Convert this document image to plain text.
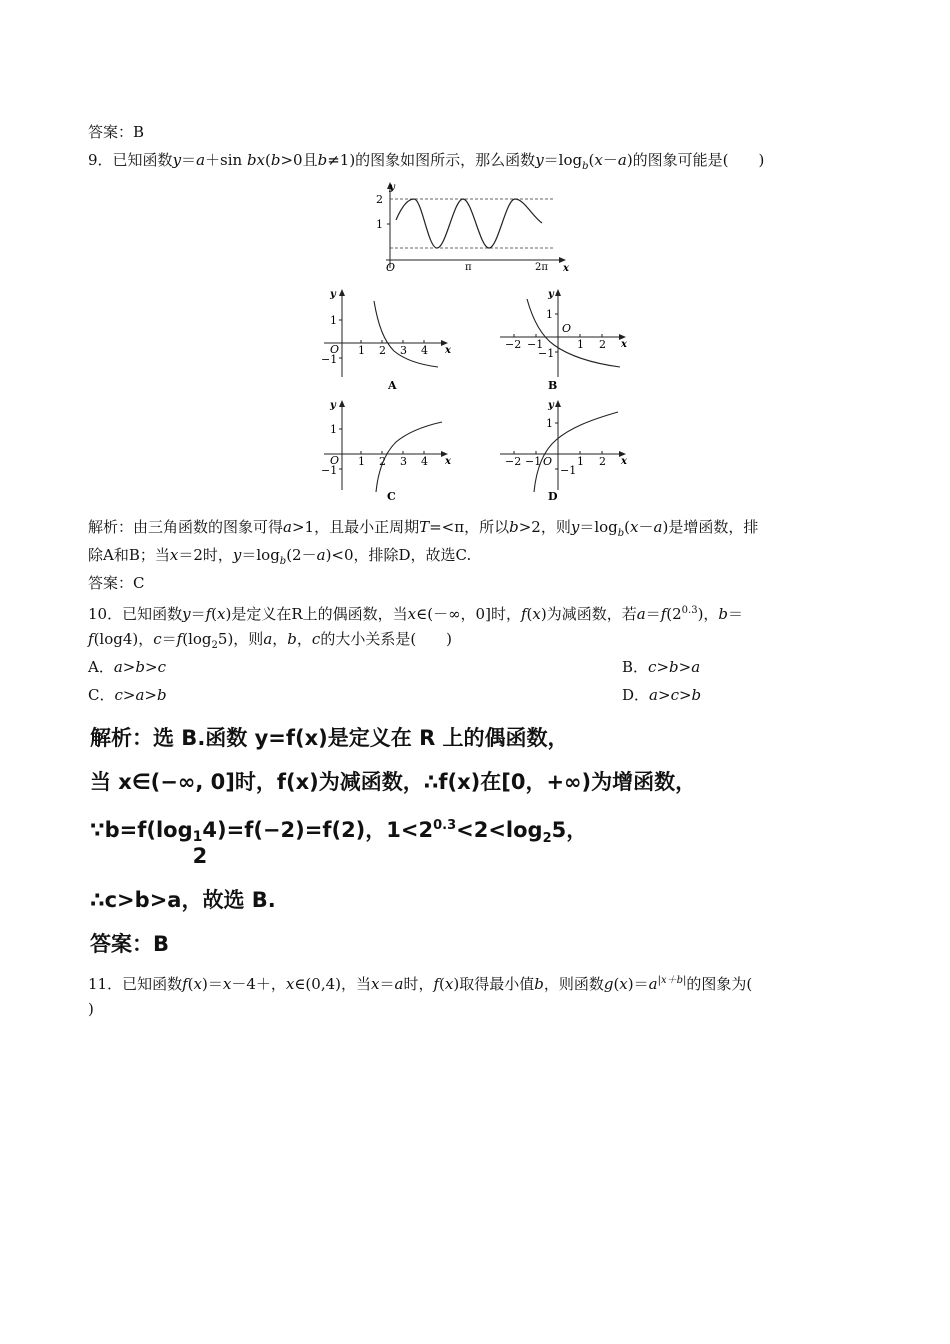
答案：B
9．已知函数y＝a＋sin bx(b>0且b≠1)的图象如图所示，那么函数$y=\log_b(x-a)$的图象可能是(　　)
y
x
O
2
1
π	2π
y
x
O
1
−1
1 2 3 4
A
y
x
O
1
−1
−2 −1	1 2
B
y
x
O
1
−1
1 2 3 4
C
y
x
O
1
−1
−2 −1	1 2
D
解析：由三角函数的图象可得a>1，且最小正周期T=<π，所以b>2，则$y=\log_b(x-a)$是增函数，排
除A和B；当x＝2时，$y=\log_b(2-a)<0$，排除D，故选C.
答案：C
10．已知函数y＝f(x)是定义在R上的偶函数，当x∈(－∞，0]时，f(x)为减函数，若$a=f(2^{0.3})$，b＝
f(log4)，$c=f(\log_25)$，则a，b，c的大小关系是(　　)
A．a>b>c	B．c>b>a
C．c>a>b	D．a>c>b
解析：选 B.函数 y=f(x)是定义在 R 上的偶函数，
当 x∈(−∞, 0]时，f(x)为减函数，∴f(x)在[0，+∞)为增函数，
$\because b=f(\log_1$
2
4)=f(−2)=f(2)，$1<2^{0.3}<2<\log_25$，
∴c>b>a，故选 B.
答案：B
11．已知函数f(x)＝x－4＋，x∈(0,4)，当x＝a时，f(x)取得最小值b，则函数$g(x)=a^{|x+b|}$的图象为(
)
